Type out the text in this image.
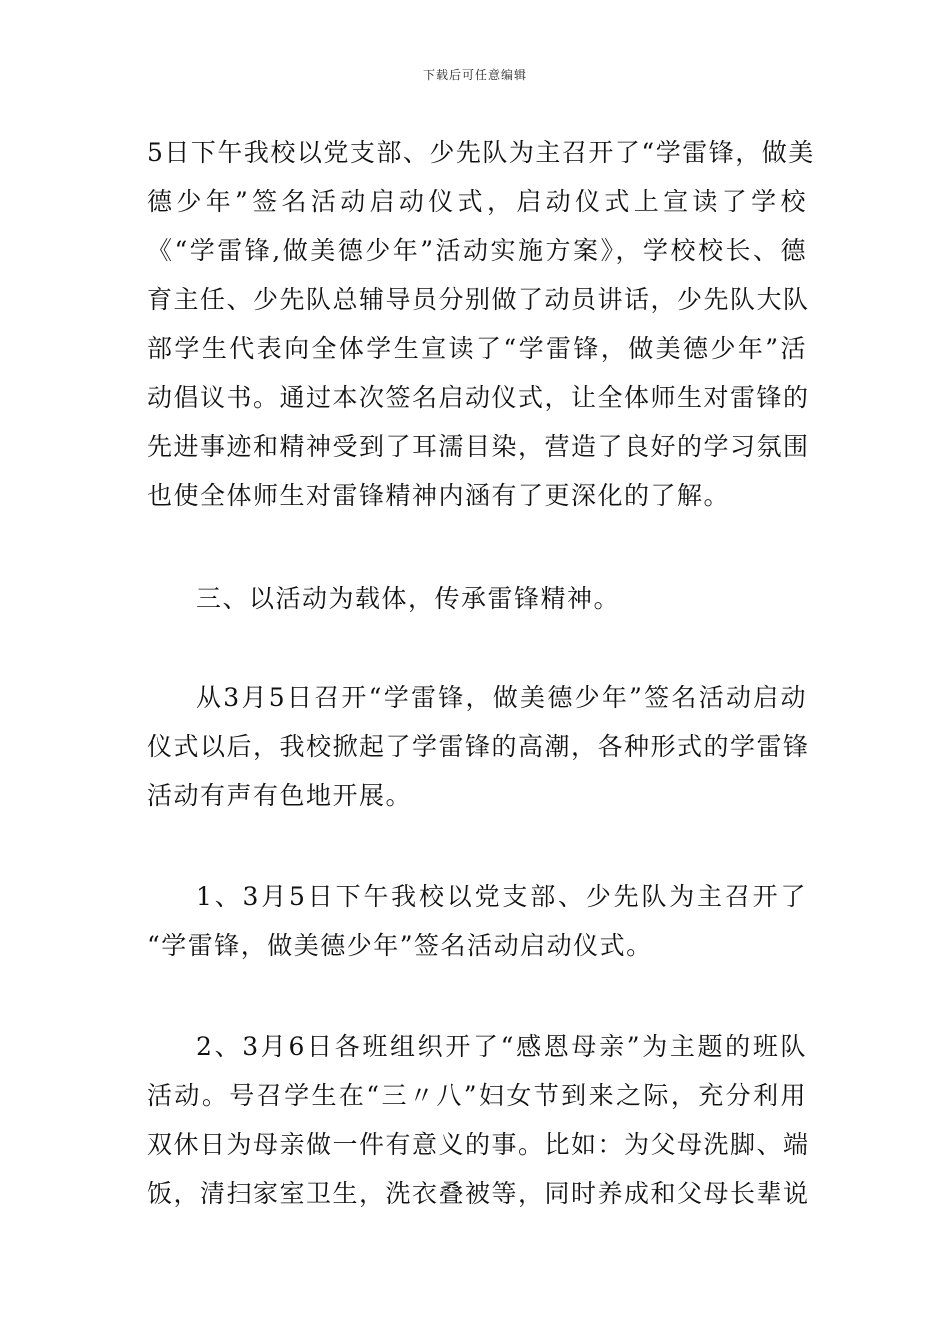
下载后可任意编辑
5日下午我校以党支部、少先队为主召开了“学雷锋，做美
德少年”签名活动启动仪式，启动仪式上宣读了学校
《“学雷锋,做美德少年”活动实施方案》，学校校长、德
育主任、少先队总辅导员分别做了动员讲话，少先队大队
部学生代表向全体学生宣读了“学雷锋，做美德少年”活
动倡议书。通过本次签名启动仪式，让全体师生对雷锋的
先进事迹和精神受到了耳濡目染，营造了良好的学习氛围
也使全体师生对雷锋精神内涵有了更深化的了解。
三、以活动为载体，传承雷锋精神。
从3月5日召开“学雷锋，做美德少年”签名活动启动
仪式以后，我校掀起了学雷锋的高潮，各种形式的学雷锋
活动有声有色地开展。
1、3月5日下午我校以党支部、少先队为主召开了
“学雷锋，做美德少年”签名活动启动仪式。
2、3月6日各班组织开了“感恩母亲”为主题的班队
活动。号召学生在“三〃八”妇女节到来之际，充分利用
双休日为母亲做一件有意义的事。比如：为父母洗脚、端
饭，清扫家室卫生，洗衣叠被等，同时养成和父母长辈说
